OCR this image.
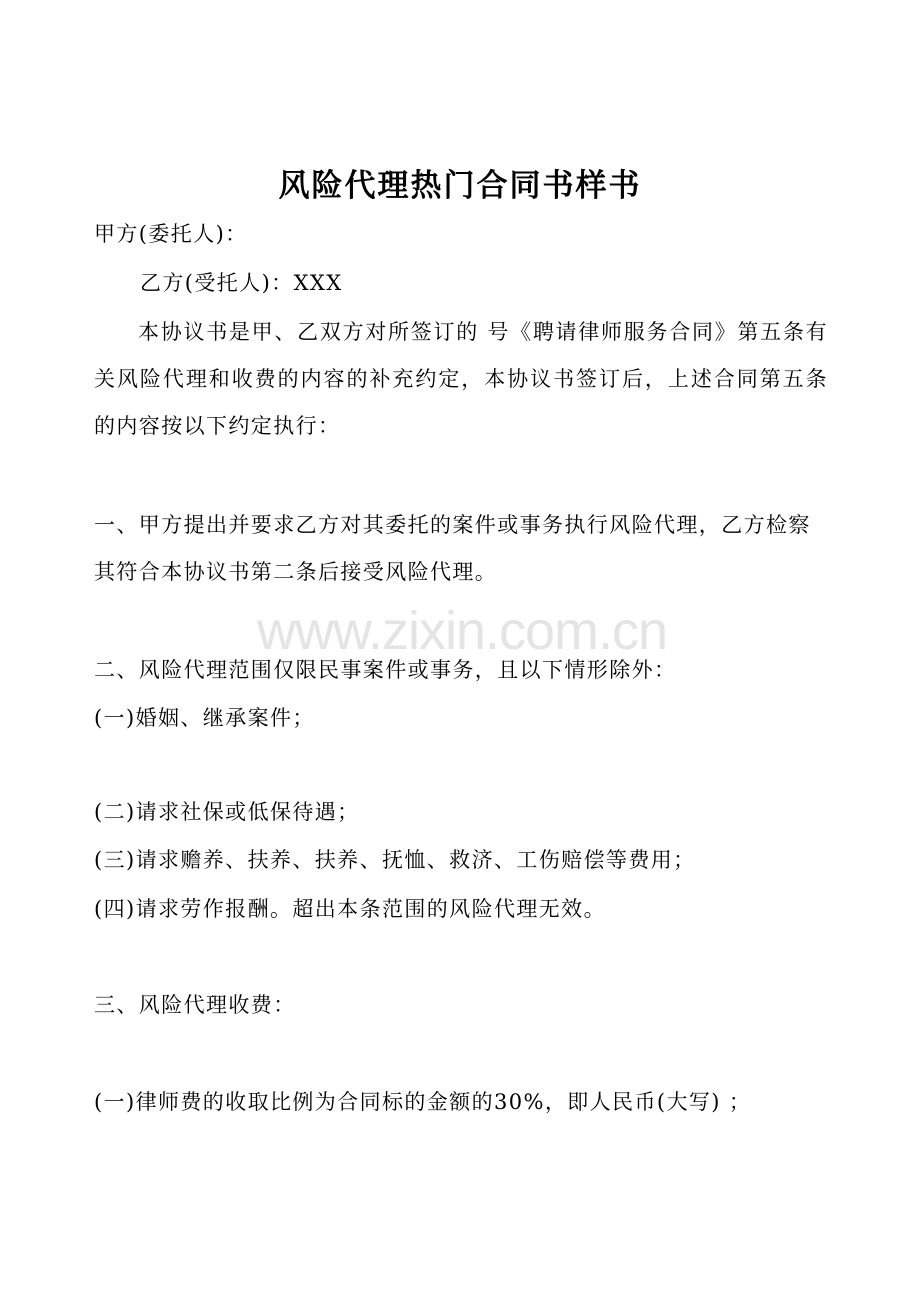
www.zixin.com.cn
风险代理热门合同书样书
甲方(委托人)：
乙方(受托人)：XXX
本协议书是甲、乙双方对所签订的 号《聘请律师服务合同》第五条有关风险代理和收费的内容的补充约定，本协议书签订后，上述合同第五条的内容按以下约定执行：
一、甲方提出并要求乙方对其委托的案件或事务执行风险代理，乙方检察
其符合本协议书第二条后接受风险代理。
二、风险代理范围仅限民事案件或事务，且以下情形除外：
(一)婚姻、继承案件；
(二)请求社保或低保待遇；
(三)请求赡养、扶养、扶养、抚恤、救济、工伤赔偿等费用；
(四)请求劳作报酬。超出本条范围的风险代理无效。
三、风险代理收费：
(一)律师费的收取比例为合同标的金额的30%，即人民币(大写) ；
